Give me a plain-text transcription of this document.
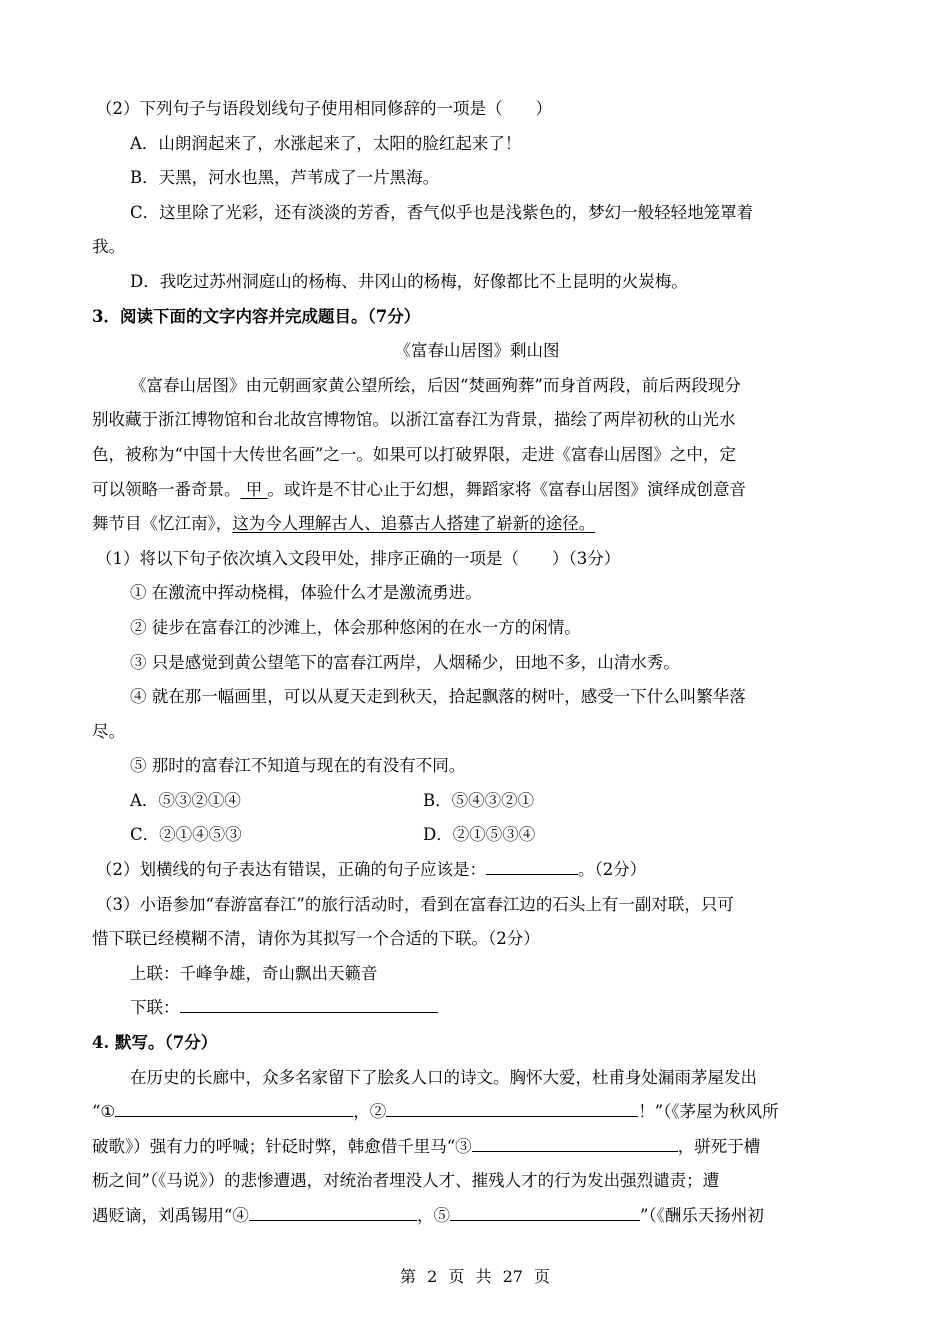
（2）下列句子与语段划线句子使用相同修辞的一项是（　　）
A．山朗润起来了，水涨起来了，太阳的脸红起来了！
B．天黑，河水也黑，芦苇成了一片黑海。
C．这里除了光彩，还有淡淡的芳香，香气似乎也是浅紫色的，梦幻一般轻轻地笼罩着
我。
D．我吃过苏州洞庭山的杨梅、井冈山的杨梅，好像都比不上昆明的火炭梅。
3．阅读下面的文字内容并完成题目。（7分）
《富春山居图》剩山图
《富春山居图》由元朝画家黄公望所绘，后因“焚画殉葬”而身首两段，前后两段现分
别收藏于浙江博物馆和台北故宫博物馆。以浙江富春江为背景，描绘了两岸初秋的山光水
色，被称为“中国十大传世名画”之一。如果可以打破界限，走进《富春山居图》之中，定
可以领略一番奇景。 甲 。或许是不甘心止于幻想，舞蹈家将《富春山居图》演绎成创意音
舞节目《忆江南》，这为今人理解古人、追慕古人搭建了崭新的途径。
（1）将以下句子依次填入文段甲处，排序正确的一项是（　　）（3分）
① 在激流中挥动桡楫，体验什么才是激流勇进。
② 徒步在富春江的沙滩上，体会那种悠闲的在水一方的闲情。
③ 只是感觉到黄公望笔下的富春江两岸，人烟稀少，田地不多，山清水秀。
④ 就在那一幅画里，可以从夏天走到秋天，拾起飘落的树叶，感受一下什么叫繁华落
尽。
⑤ 那时的富春江不知道与现在的有没有不同。
A．⑤③②①④	B．⑤④③②①
C．②①④⑤③	D．②①⑤③④
（2）划横线的句子表达有错误，正确的句子应该是：	。（2分）
（3）小语参加“春游富春江”的旅行活动时，看到在富春江边的石头上有一副对联，只可
惜下联已经模糊不清，请你为其拟写一个合适的下联。（2分）
上联：千峰争雄，奇山飘出天籁音
下联：
4. 默写。（7分）
在历史的长廊中，众多名家留下了脍炙人口的诗文。胸怀大爱，杜甫身处漏雨茅屋发出
“①	，②	！”（《茅屋为秋风所
破歌》）强有力的呼喊；针砭时弊，韩愈借千里马“③	，骈死于槽
枥之间”（《马说》）的悲惨遭遇，对统治者埋没人才、摧残人才的行为发出强烈谴责；遭
遇贬谪，刘禹锡用“④	，⑤	”（《酬乐天扬州初
第 2 页 共 27 页
